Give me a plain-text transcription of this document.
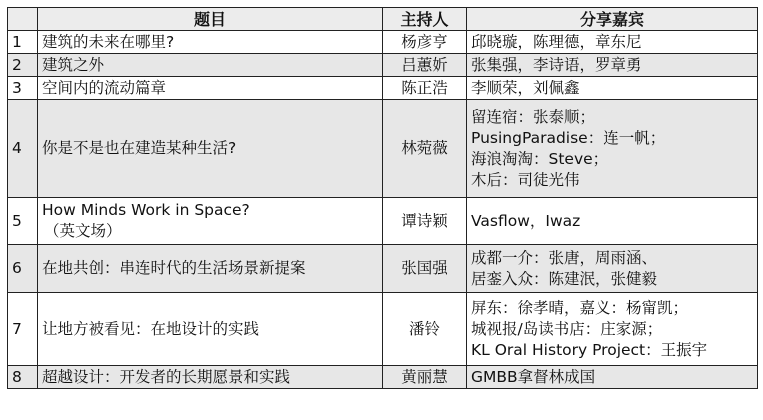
	题目	主持人	分享嘉宾
1	建筑的未来在哪里?	杨彦亨	邱晓璇，陈理德，章东尼

2	建筑之外	吕蕙妡	张集强，李诗语，罗章勇

3	空间内的流动篇章	陈正浩	李顺荣，刘佩鑫

4	你是不是也在建造某种生活?	林菀薇	留连宿：张泰顺；
PusingParadise：连一帆；
海浪淘淘：Steve；
木后：司徒光伟

5	How Minds Work in Space?
（英文场）	谭诗颖	Vasflow，Iwaz

6	在地共创：串连时代的生活场景新提案	张国强	成都一介：张唐，周雨涵、
居銮入众：陈建泯，张健毅

7	让地方被看见：在地设计的实践	潘铃	屏东：徐孝晴，嘉义：杨甯凯；
城视报/岛读书店：庄家源；
KL Oral History Project：王振宇

8	超越设计：开发者的长期愿景和实践	黄丽慧	GMBB拿督林成国
